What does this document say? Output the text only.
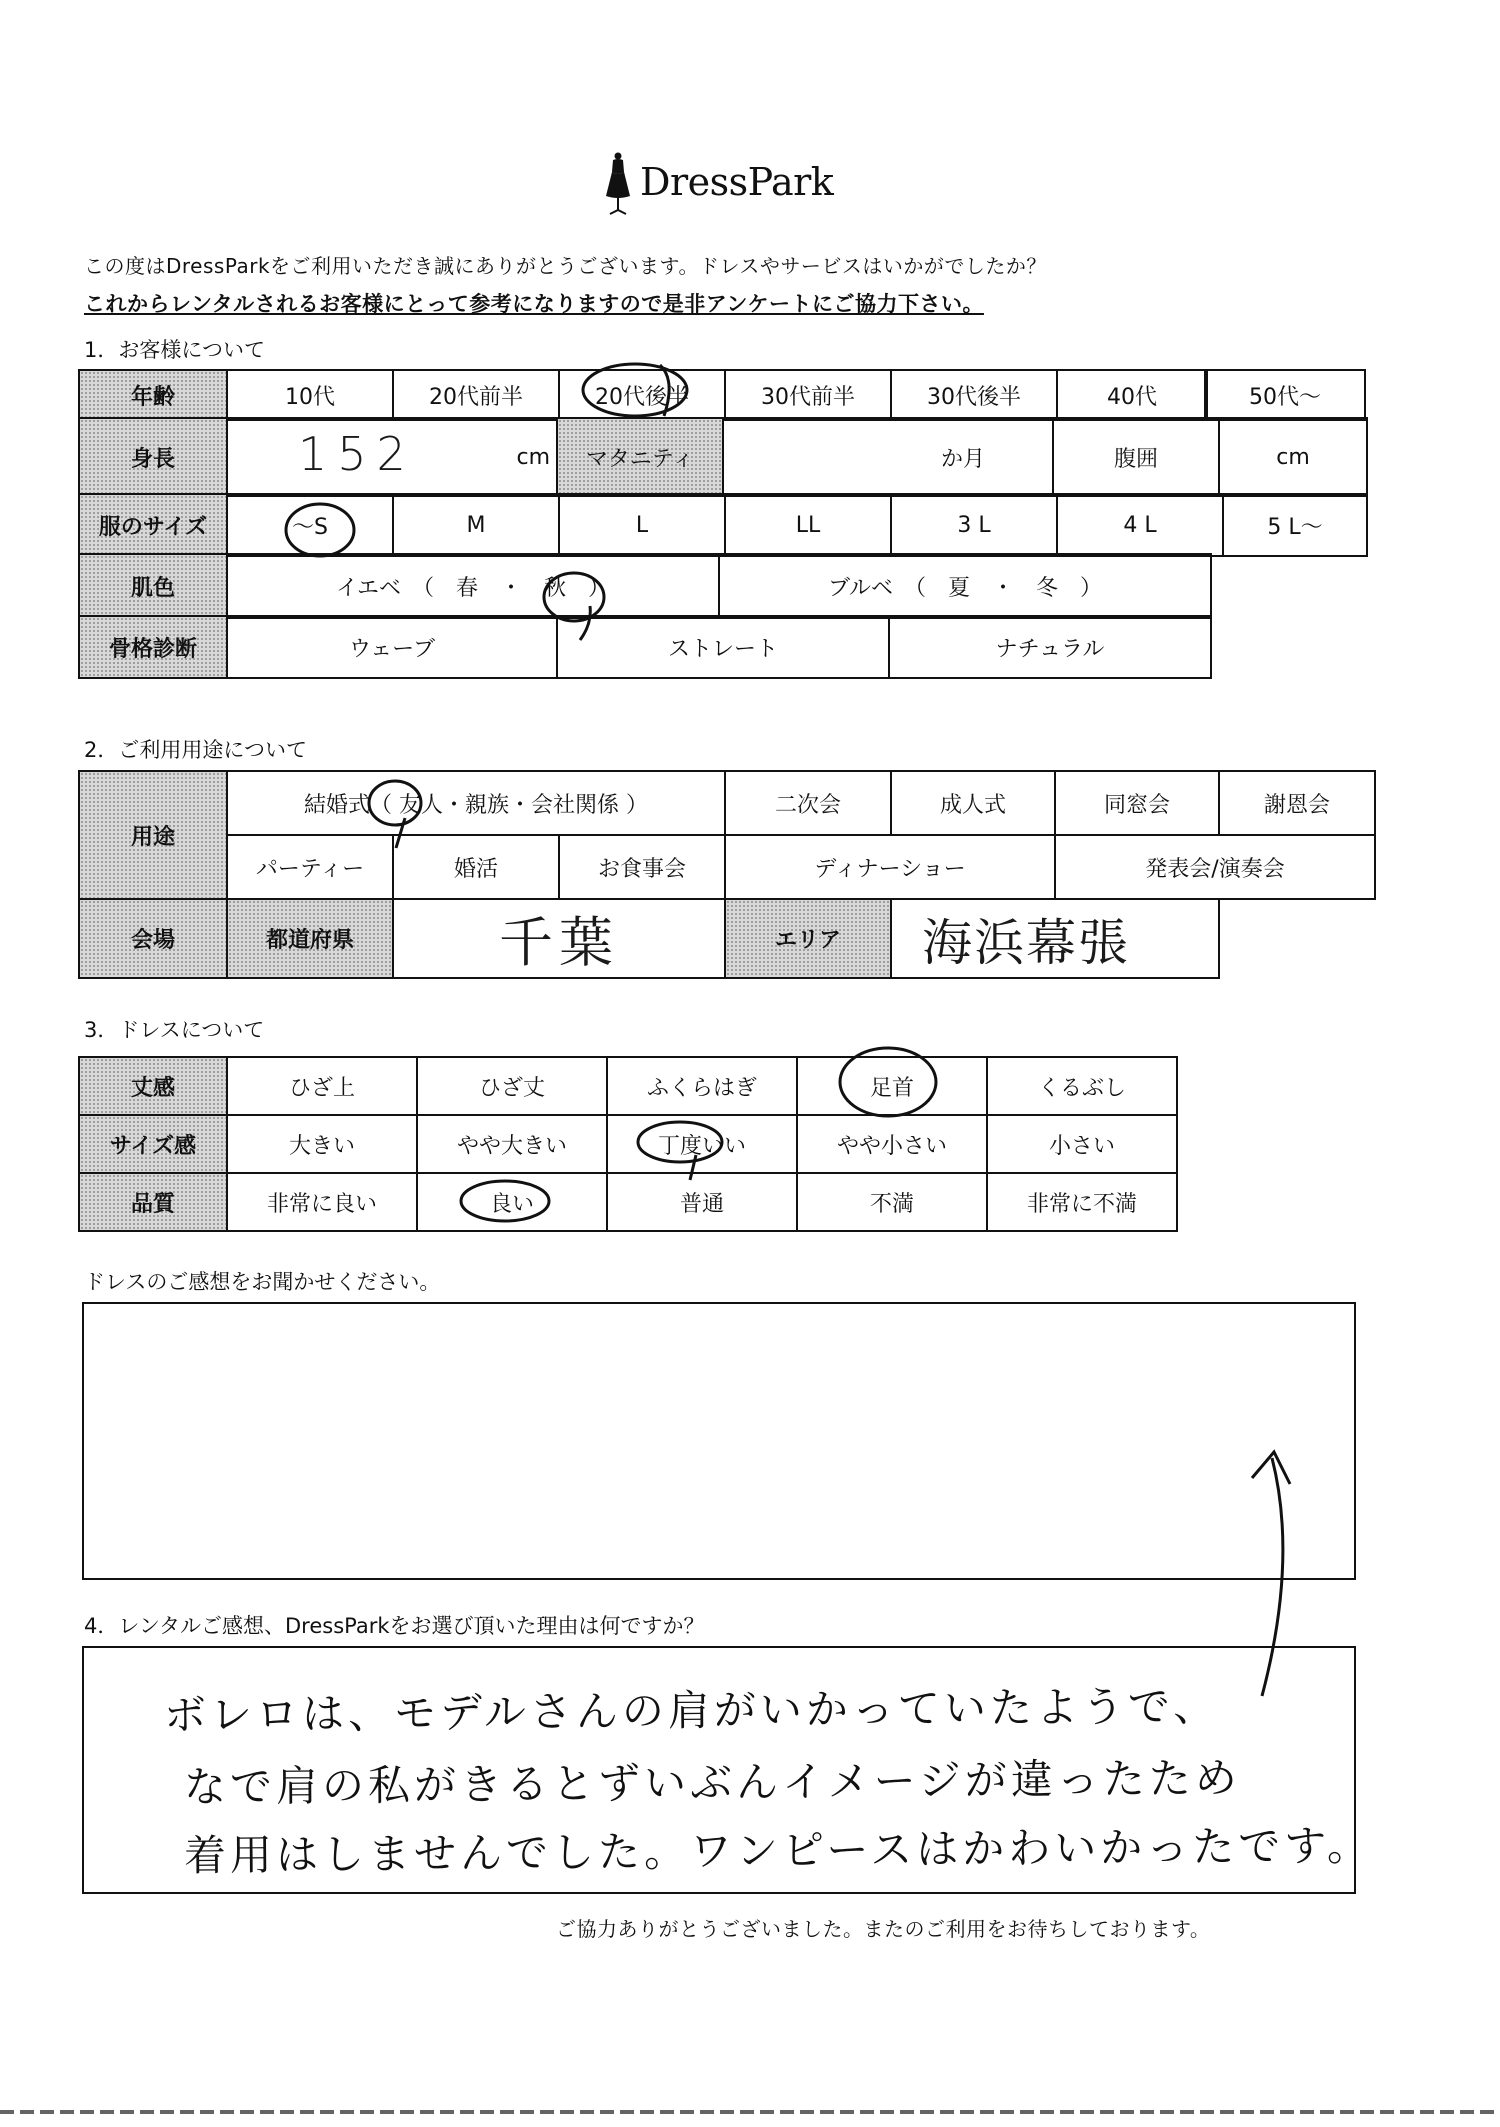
DressPark
この度はDressParkをご利用いただき誠にありがとうございます。ドレスやサービスはいかがでしたか？
これからレンタルされるお客様にとって参考になりますので是非アンケートにご協力下さい。
1．お客様について
年齢	10代	20代前半	20代後半	30代前半	30代後半	40代		50代～
身長	152	cm	マタニティ	か月	腹囲	cm
服のサイズ	～S	M	L	LL	3 L	4 L	5 L～
肌色	イエベ　（　春　・　秋　）	ブルベ　（　夏　・　冬　）
骨格診断	ウェーブ	ストレート	ナチュラル
2．ご利用用途について
用途	結婚式（ 友人・親族・会社関係 ）			二次会	成人式	同窓会	謝恩会
	パーティー	婚活	お食事会	ディナーショー		発表会/演奏会	
会場	都道府県	千葉		エリア	海浜幕張		
3．ドレスについて
丈感	ひざ上	ひざ丈	ふくらはぎ	足首	くるぶし
サイズ感	大きい	やや大きい	丁度いい	やや小さい	小さい
品質	非常に良い	良い	普通	不満	非常に不満
ドレスのご感想をお聞かせください。
4．レンタルご感想、DressParkをお選び頂いた理由は何ですか？
ボレロは、モデルさんの肩がいかっていたようで、
なで肩の私がきるとずいぶんイメージが違ったため
着用はしませんでした。ワンピースはかわいかったです。
ご協力ありがとうございました。またのご利用をお待ちしております。
